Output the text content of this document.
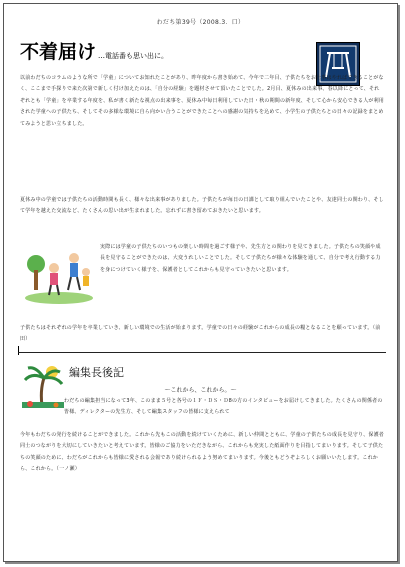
わだち第39号（2008.3．口）
不着届け …電話番も思い出に。
以前わだちのコラムのような所で「学童」についてお知れたことがあり、昨年度から書き始めて、今年で二年目、子供たちをお仕事はやればできることがなく、ここまで手探りで来た次第で新しく付け加えたのは、「自分の経験」を題材させて頂いたことでした。2月目、夏休みの出来事、春以降にとって、それぞれとも「学童」を卒業する年度を、私が書く新たな視点の出来事を、夏休み中毎日利用していた日・秋の期間の新年度、そして心から安心できる人が利用された学童への子供たち、そしてその多様な環境に自ら向かい合うことができたことへの感謝の気持ちを込めて、小学生の子供たちとの日々の記録をまとめてみようと思い立ちました。
夏休み中の学童では子供たちの活動時間も長く、様々な出来事がありました。子供たちが毎日の日課として取り組んでいたことや、友達同士の関わり、そして学年を越えた交流など、たくさんの思い出が生まれました。忘れずに書き留めておきたいと思います。
実際には学童の子供たちのいつもの楽しい時間を過ごす様子や、先生方との関わりを見てきました。子供たちの笑顔や成長を見守ることができたのは、大変うれしいことでした。そして子供たちが様々な体験を通して、自分で考え行動する力を身につけていく様子を、保護者としてこれからも見守っていきたいと思います。
子供たちはそれぞれの学年を卒業していき、新しい環境での生活が始まります。学童での日々の経験がこれからの成長の糧となることを願っています。（前田）
編集長後記
～これから、これから。～
わだちの編集担当になって3年、このまま５号と各号の１Ｆ・ＤＳ・Ｄ8の方のインタビューをお届けしてきました。たくさんの関係者の皆様、ディレクターの先生方、そして編集スタッフの皆様に支えられて
今年もわだちの発行を続けることができました。これから先もこの活動を続けていくために、新しい仲間とともに、学童の子供たちの成長を見守り、保護者同士のつながりを大切にしていきたいと考えています。皆様のご協力をいただきながら、これからも充実した紙面作りを目指してまいります。そして子供たちの笑顔のために、わだちがこれからも皆様に愛される会報であり続けられるよう努めてまいります。今後ともどうぞよろしくお願いいたします。これから、これから。（一ノ瀬）
